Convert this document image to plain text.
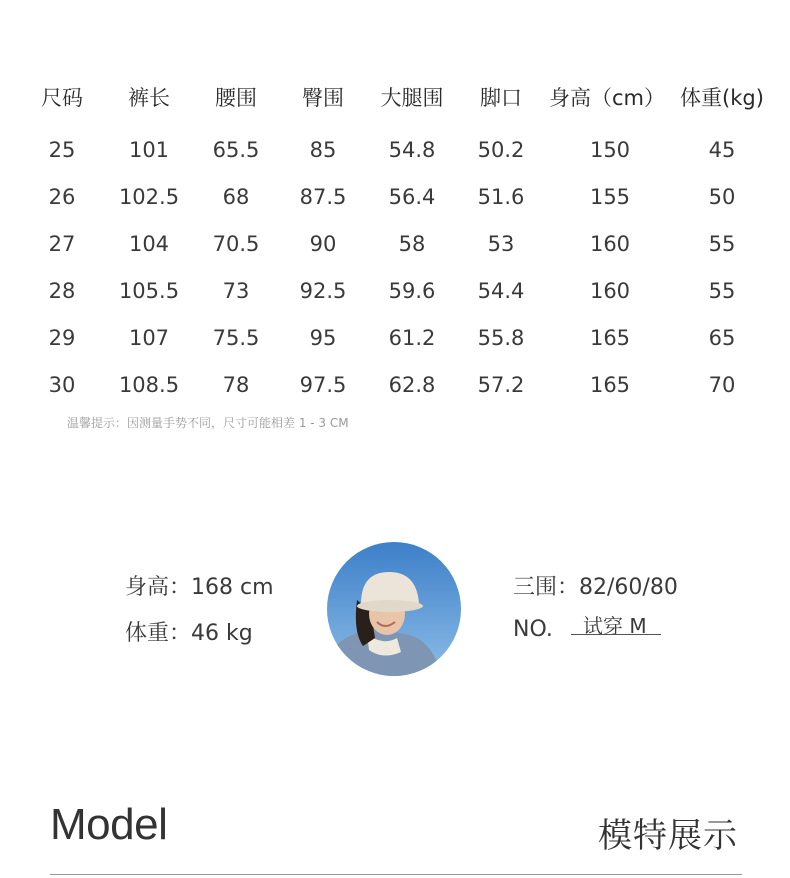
尺码 裤长 腰围 臀围 大腿围 脚口 身高（cm） 体重(kg)
25	101 65.5 85 54.8 50.2	150	45
26 102.5 68 87.5 56.4 51.6	155	50
27	104 70.5 90	58	53	160	55
28 105.5 73 92.5 59.6 54.4	160	55
29	107 75.5 95 61.2 55.8	165	65
30 108.5 78 97.5 62.8 57.2	165	70
温馨提示：因测量手势不同，尺寸可能相差 1 - 3 CM
身高：168 cm
体重：46 kg
三围：82/60/80
NO. 试穿 M
Model	模特展示
